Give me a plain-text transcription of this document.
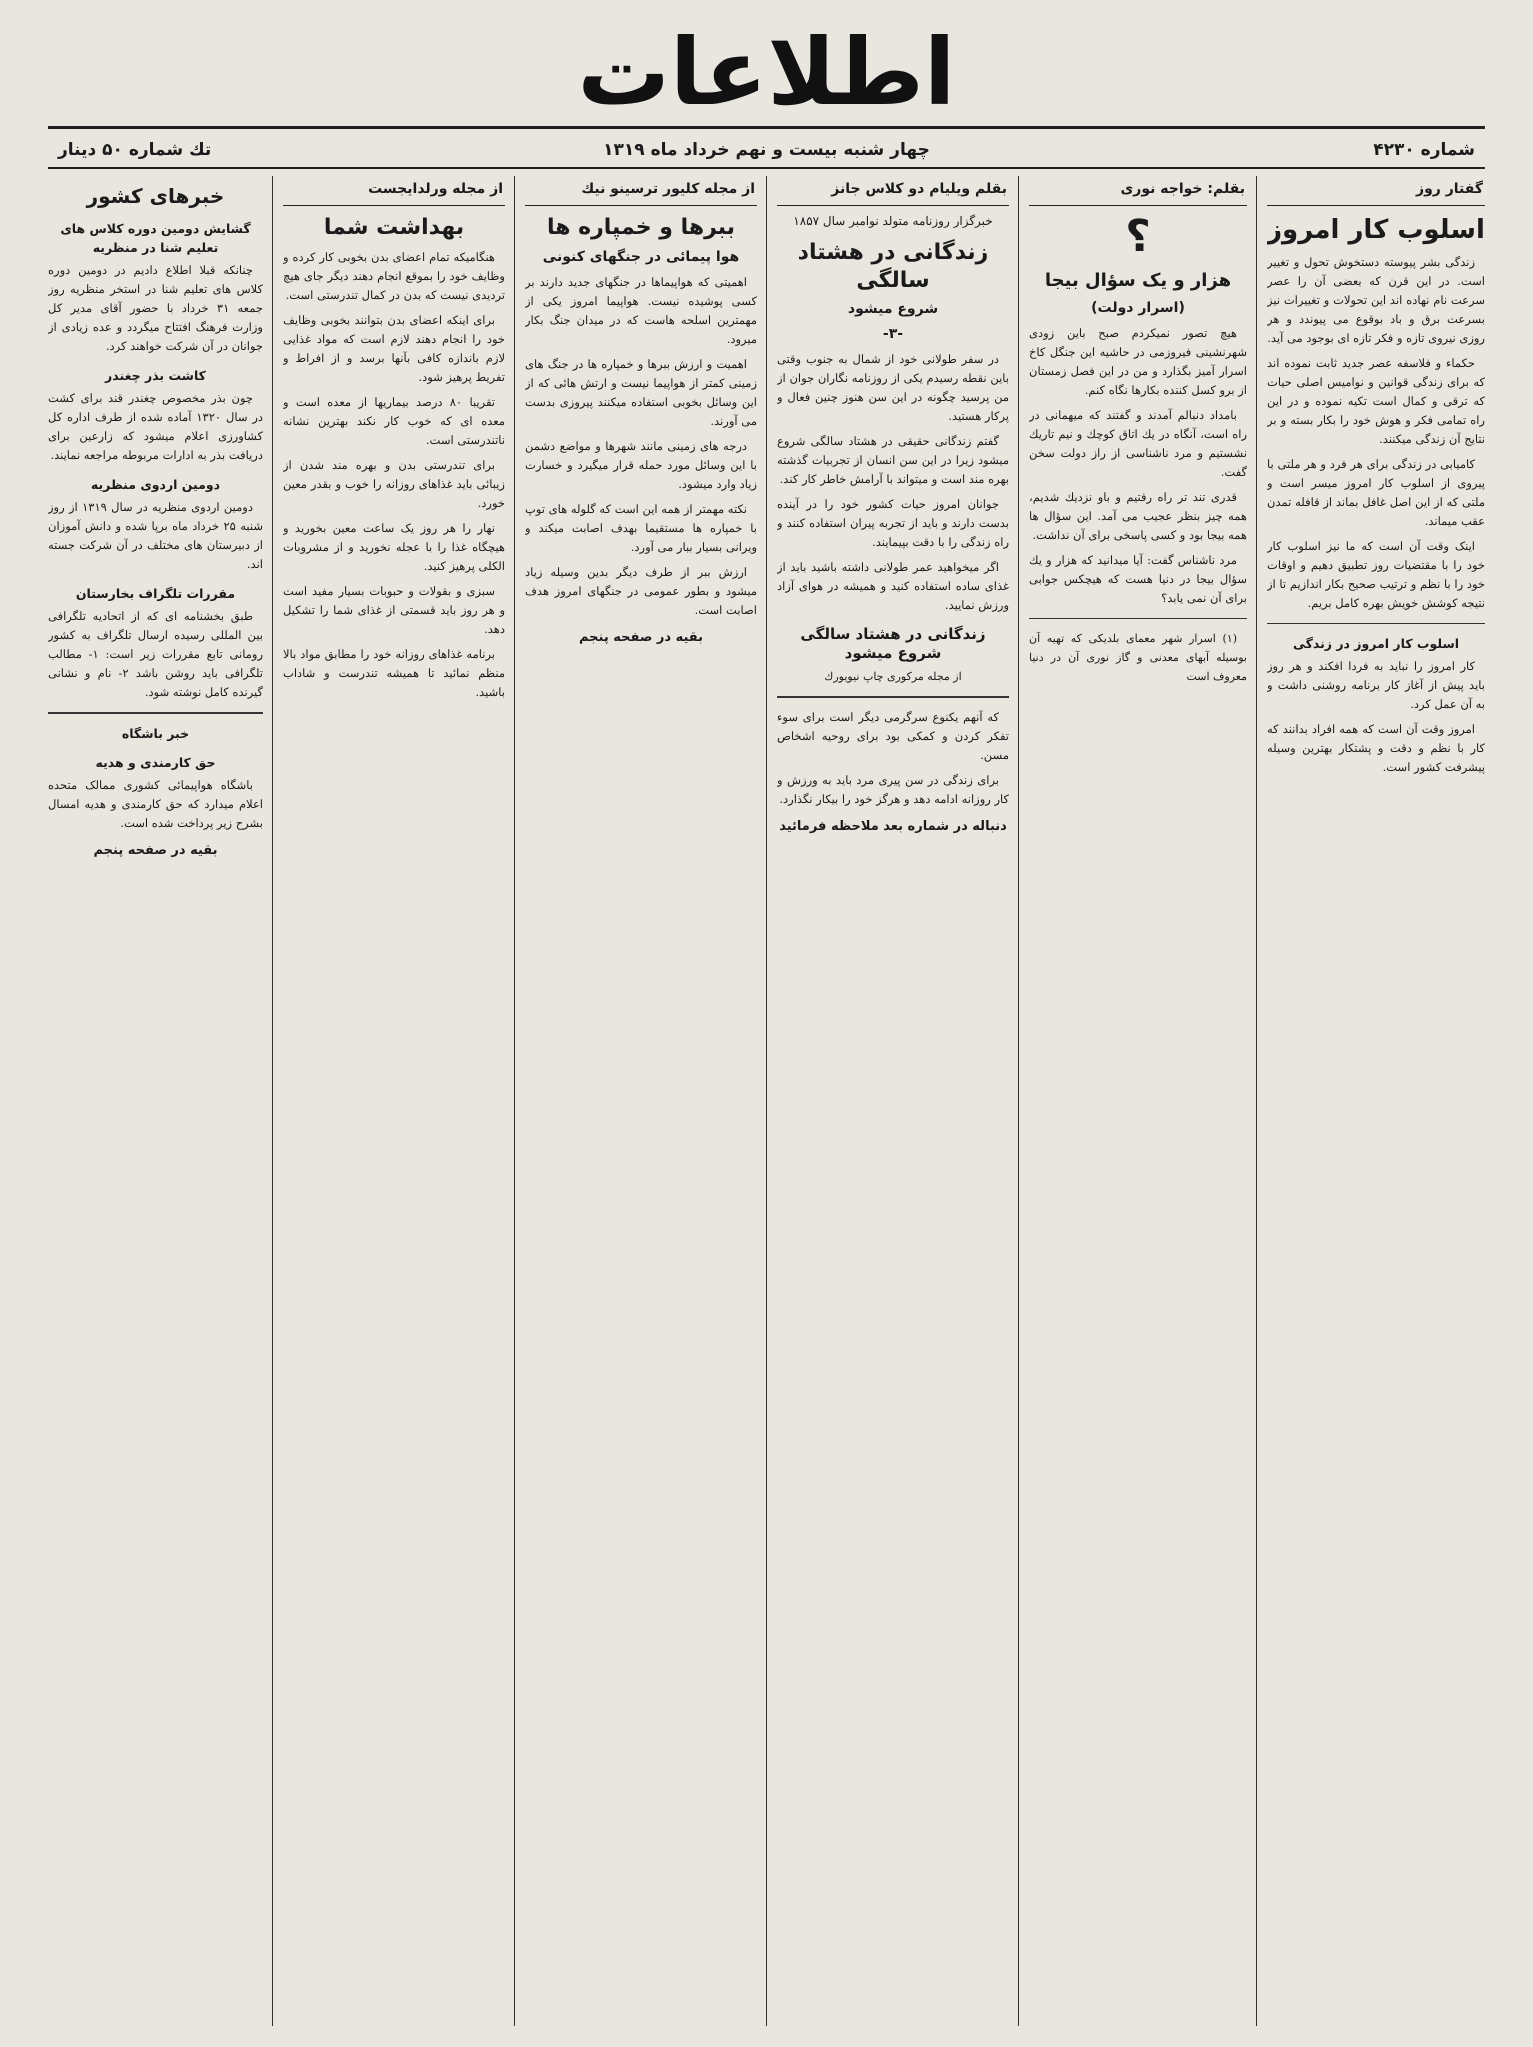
اطلاعات
شماره ۴۲۳۰
چهار شنبه بیست و نهم خرداد ماه ۱۳۱۹
تك شماره ۵۰ دینار
گفتار روز
اسلوب کار امروز

زندگی بشر پیوسته دستخوش تحول و تغییر است. در این قرن که بعضی آن را عصر سرعت نام نهاده اند این تحولات و تغییرات نیز بسرعت برق و باد بوقوع می پیوندد و هر روزی نیروی تازه و فکر تازه ای بوجود می آید.

حکماء و فلاسفه عصر جدید ثابت نموده اند که برای زندگی قوانین و نوامیس اصلی حیات که ترقی و کمال است تکیه نموده و در این راه تمامی فکر و هوش خود را بکار بسته و بر نتایج آن زندگی میکنند.

کامیابی در زندگی برای هر فرد و هر ملتی با پیروی از اسلوب کار امروز میسر است و ملتی که از این اصل غافل بماند از قافله تمدن عقب میماند.

اینک وقت آن است که ما نیز اسلوب کار خود را با مقتضیات روز تطبیق دهیم و اوقات خود را با نظم و ترتیب صحیح بکار اندازیم تا از نتیجه کوشش خویش بهره کامل بریم.

اسلوب کار امروز در زندگی

کار امروز را نباید به فردا افکند و هر روز باید پیش از آغاز کار برنامه روشنی داشت و به آن عمل کرد.

امروز وقت آن است که همه افراد بدانند که کار با نظم و دقت و پشتکار بهترین وسیله پیشرفت کشور است.

بقلم: خواجه نوری
؟
هزار و یک سؤال بیجا
(اسرار دولت)

هیچ تصور نمیکردم صبح باین زودی شهرنشینی فیروزمی در حاشیه این جنگل کاخ اسرار آمیز بگذارد و من در این فصل زمستان از برو کسل کننده بکارها نگاه کنم.

بامداد دنبالم آمدند و گفتند که میهمانی در راه است، آنگاه در یك اتاق کوچك و نیم تاریك نشستیم و مرد ناشناسی از راز دولت سخن گفت.

قدری تند تر راه رفتیم و باو نزدیك شدیم، همه چیز بنظر عجیب می آمد. این سؤال ها همه بیجا بود و کسی پاسخی برای آن نداشت.

مرد ناشناس گفت: آیا میدانید که هزار و یك سؤال بیجا در دنیا هست که هیچکس جوابی برای آن نمی یابد؟

(۱) اسرار شهر معمای بلدیکی که تهیه آن بوسیله آبهای معدنی و گاز نوری آن در دنیا معروف است

بقلم ویلیام دو کلاس جانز
خبرگزار روزنامه متولد نوامبر سال ۱۸۵۷
زندگانی در هشتاد سالگی
شروع میشود
-۳-

در سفر طولانی خود از شمال به جنوب وقتی باین نقطه رسیدم یکی از روزنامه نگاران جوان از من پرسید چگونه در این سن هنوز چنین فعال و پرکار هستید.

گفتم زندگانی حقیقی در هشتاد سالگی شروع میشود زیرا در این سن انسان از تجربیات گذشته بهره مند است و میتواند با آرامش خاطر کار کند.

جوانان امروز حیات کشور خود را در آینده بدست دارند و باید از تجربه پیران استفاده کنند و راه زندگی را با دقت بپیمایند.

اگر میخواهید عمر طولانی داشته باشید باید از غذای ساده استفاده کنید و همیشه در هوای آزاد ورزش نمایید.

زندگانی در هشتاد سالگی شروع میشود
از مجله مرکوری چاپ نیویورك

که آنهم یکنوع سرگرمی دیگر است برای سوء تفکر کردن و کمکی بود برای روحیه اشخاص مسن.

برای زندگی در سن پیری مرد باید به ورزش و کار روزانه ادامه دهد و هرگز خود را بیکار نگذارد.

دنباله در شماره بعد ملاحظه فرمائید
از مجله کلیور ترسینو نیك
ببرها و خمپاره ها
هوا پیمائی در جنگهای کنونی

اهمیتی که هواپیماها در جنگهای جدید دارند بر کسی پوشیده نیست. هواپیما امروز یکی از مهمترین اسلحه هاست که در میدان جنگ بکار میرود.

اهمیت و ارزش ببرها و خمپاره ها در جنگ های زمینی کمتر از هواپیما نیست و ارتش هائی که از این وسائل بخوبی استفاده میکنند پیروزی بدست می آورند.

درجه های زمینی مانند شهرها و مواضع دشمن با این وسائل مورد حمله قرار میگیرد و خسارت زیاد وارد میشود.

نکته مهمتر از همه این است که گلوله های توپ با خمپاره ها مستقیما بهدف اصابت میکند و ویرانی بسیار ببار می آورد.

ارزش ببر از طرف دیگر بدین وسیله زیاد میشود و بطور عمومی در جنگهای امروز هدف اصابت است.

بقیه در صفحه پنجم
از مجله ورلدایجست
بهداشت شما

هنگامیکه تمام اعضای بدن بخوبی کار کرده و وظایف خود را بموقع انجام دهند دیگر جای هیچ تردیدی نیست که بدن در کمال تندرستی است.

برای اینکه اعضای بدن بتوانند بخوبی وظایف خود را انجام دهند لازم است که مواد غذایی لازم باندازه کافی بآنها برسد و از افراط و تفریط پرهیز شود.

تقریبا ۸۰ درصد بیماریها از معده است و معده ای که خوب کار نکند بهترین نشانه ناتندرستی است.

برای تندرستی بدن و بهره مند شدن از زیبائی باید غذاهای روزانه را خوب و بقدر معین خورد.

نهار را هر روز یک ساعت معین بخورید و هیچگاه غذا را با عجله نخورید و از مشروبات الکلی پرهیز کنید.

سبزی و بقولات و حبوبات بسیار مفید است و هر روز باید قسمتی از غذای شما را تشکیل دهد.

برنامه غذاهای روزانه خود را مطابق مواد بالا منظم نمائید تا همیشه تندرست و شاداب باشید.

خبرهای کشور
گشایش دومین دوره کلاس های تعلیم شنا در منظریه

چنانکه قبلا اطلاع دادیم در دومین دوره کلاس های تعلیم شنا در استخر منظریه روز جمعه ۳۱ خرداد با حضور آقای مدیر کل وزارت فرهنگ افتتاح میگردد و عده زیادی از جوانان در آن شرکت خواهند کرد.

کاشت بذر چغندر

چون بذر مخصوص چغندر قند برای کشت در سال ۱۳۲۰ آماده شده از طرف اداره کل کشاورزی اعلام میشود که زارعین برای دریافت بذر به ادارات مربوطه مراجعه نمایند.

دومین اردوی منظریه

دومین اردوی منظریه در سال ۱۳۱۹ از روز شنبه ۲۵ خرداد ماه برپا شده و دانش آموزان از دبیرستان های مختلف در آن شرکت جسته اند.

مقررات تلگراف بخارستان

طبق بخشنامه ای که از اتحادیه تلگرافی بین المللی رسیده ارسال تلگراف به کشور رومانی تابع مقررات زیر است: ۱- مطالب تلگرافی باید روشن باشد ۲- نام و نشانی گیرنده کامل نوشته شود.

خبر باشگاه
حق کارمندی و هدیه

باشگاه هواپیمائی کشوری ممالک متحده اعلام میدارد که حق کارمندی و هدیه امسال بشرح زیر پرداخت شده است.

بقیه در صفحه پنجم
